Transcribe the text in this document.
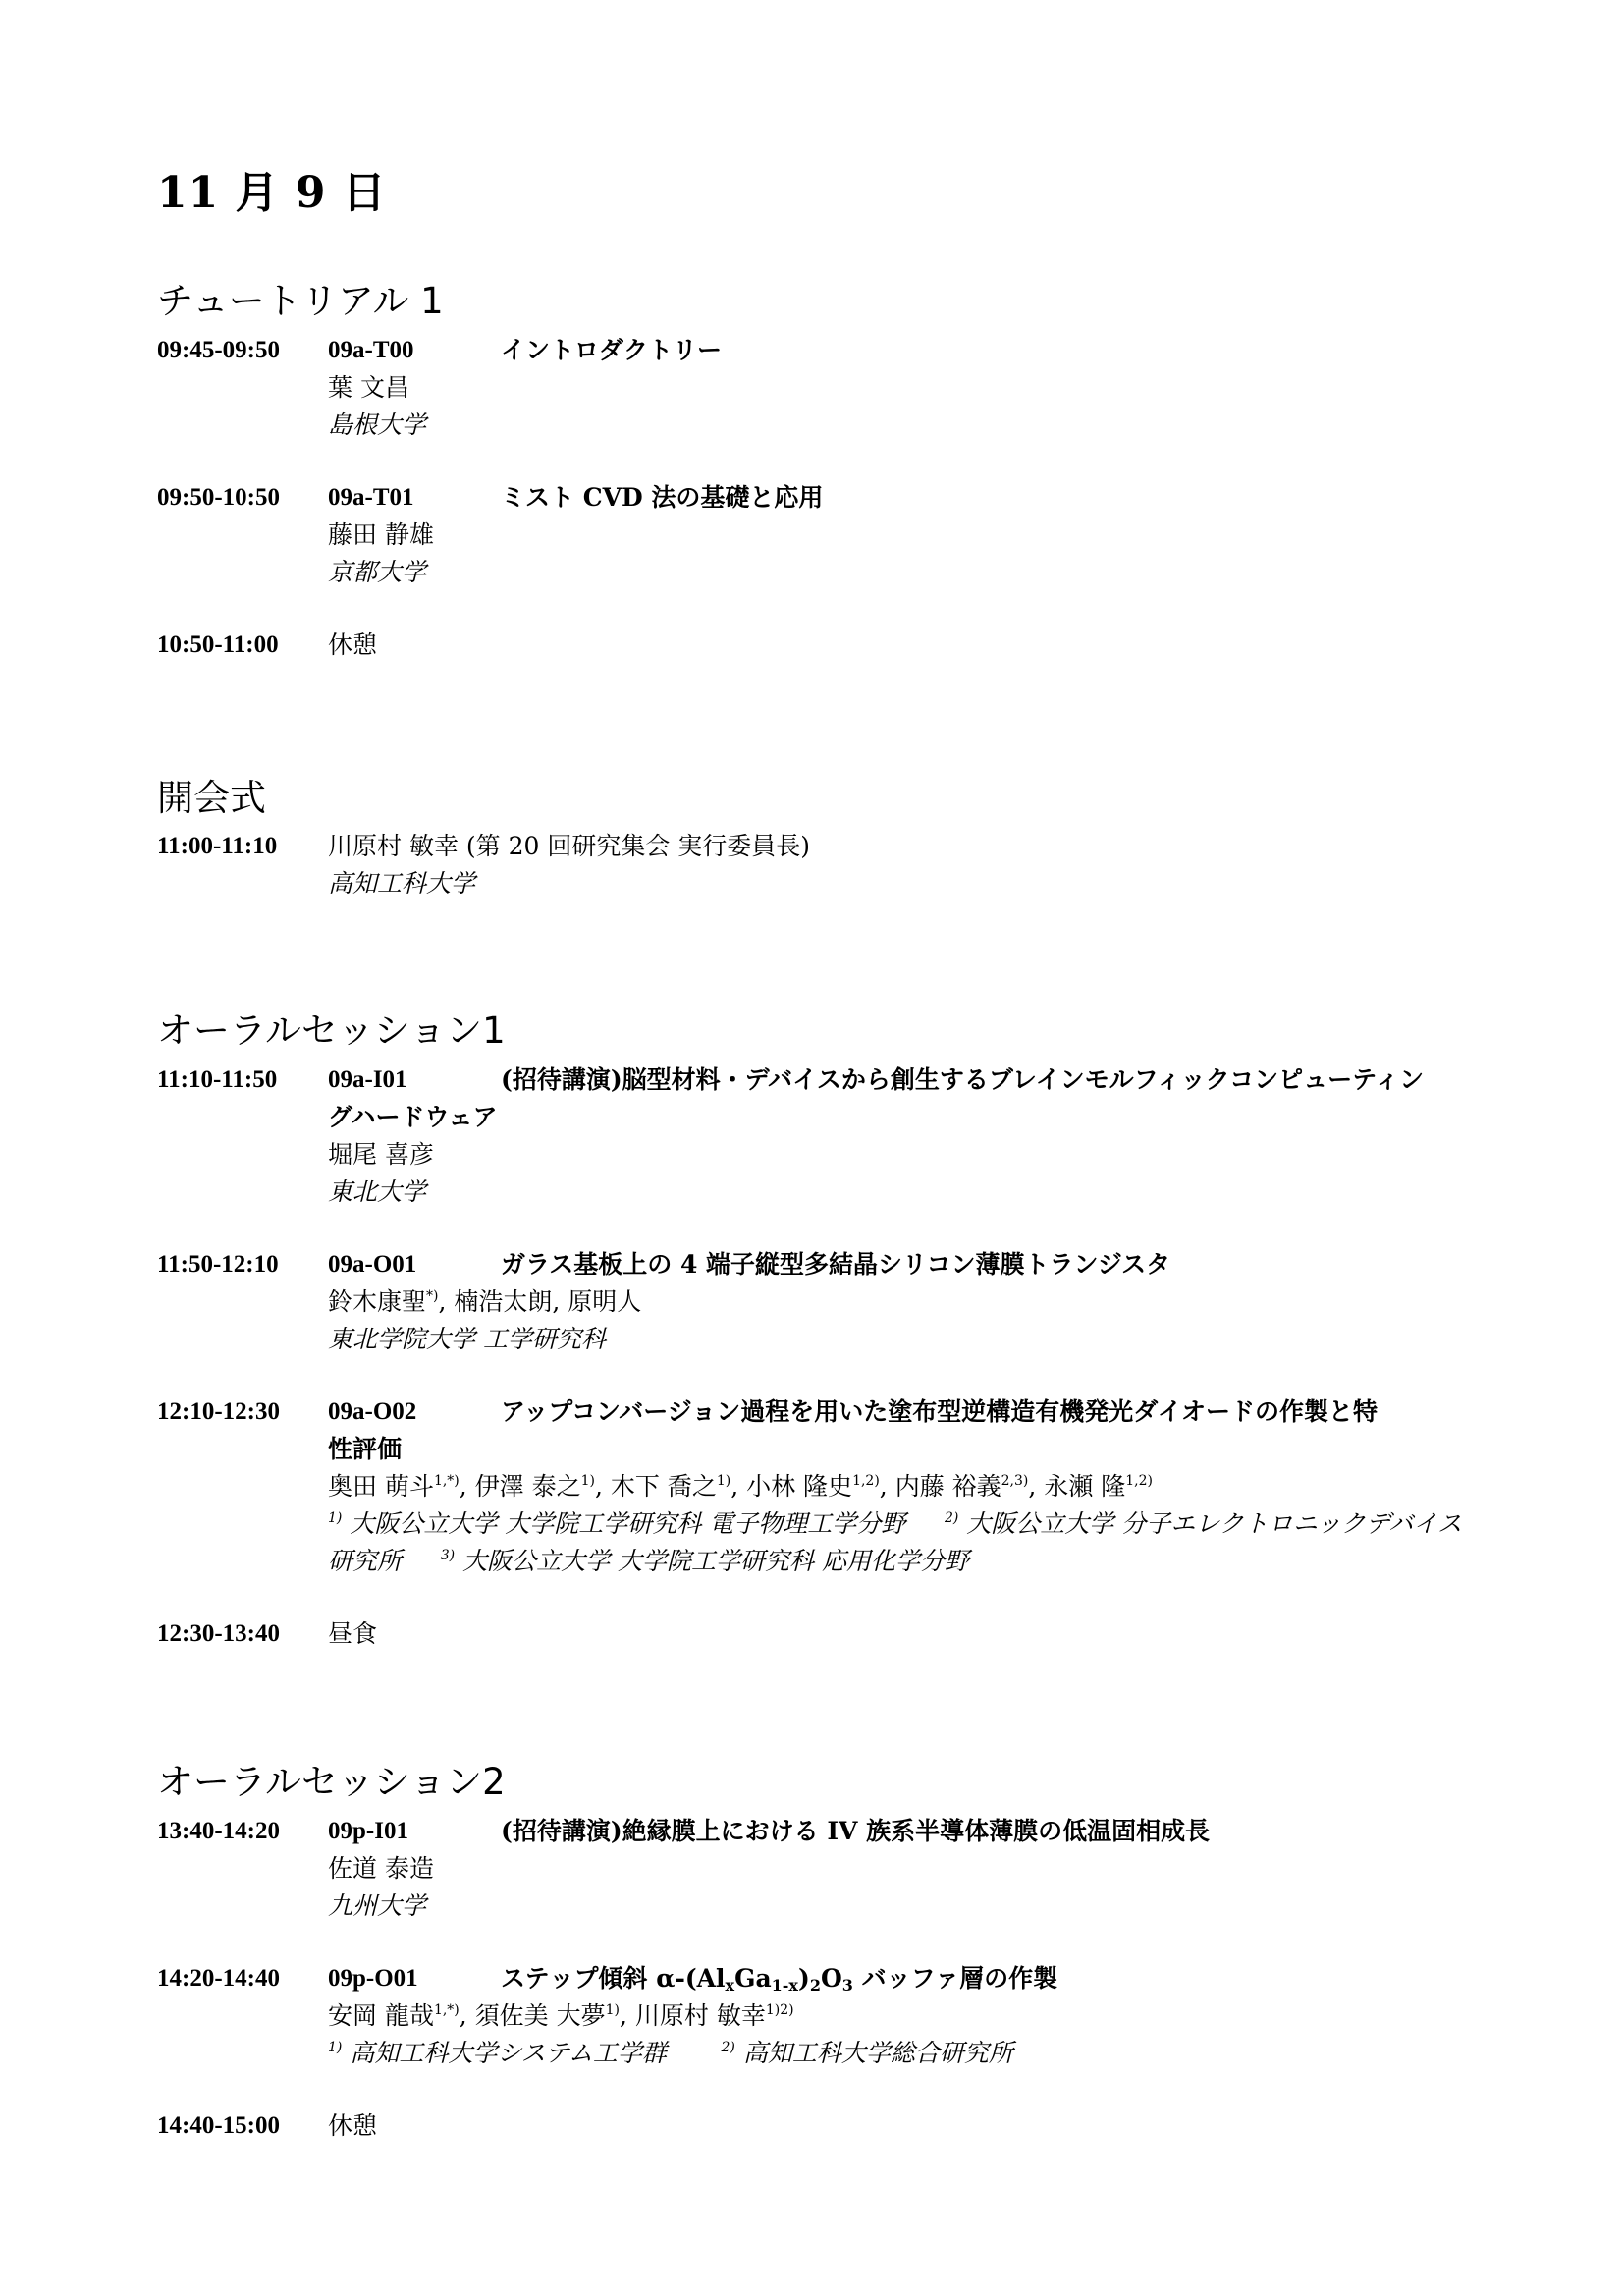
11 月 9 日
チュートリアル 1
09:45-09:50	09a-T00	イントロダクトリー
葉 文昌
島根大学
09:50-10:50	09a-T01	ミスト CVD 法の基礎と応用
藤田 静雄
京都大学
10:50-11:00	休憩
開会式
11:00-11:10	川原村 敏幸 (第 20 回研究集会 実行委員長)
高知工科大学
オーラルセッション1
11:10-11:50	09a-I01	(招待講演)脳型材料・デバイスから創生するブレインモルフィックコンピューティン
グハードウェア
堀尾 喜彦
東北大学
11:50-12:10	09a-O01	ガラス基板上の 4 端子縦型多結晶シリコン薄膜トランジスタ
鈴木康聖*), 楠浩太朗, 原明人
東北学院大学 工学研究科
12:10-12:30	09a-O02	アップコンバージョン過程を用いた塗布型逆構造有機発光ダイオードの作製と特
性評価
奥田 萌斗$^{1,*)}$, 伊澤 泰之$^{1)}$, 木下 喬之$^{1)}$, 小林 隆史$^{1,2)}$, 内藤 裕義$^{2,3)}$, 永瀬 隆$^{1,2)}$
$^{1)}$ 大阪公立大学 大学院工学研究科 電子物理工学分野	$^{2)}$ 大阪公立大学 分子エレクトロニックデバイス研究所	$^{3)}$ 大阪公立大学 大学院工学研究科 応用化学分野
12:30-13:40	昼食
オーラルセッション2
13:40-14:20	09p-I01	(招待講演)絶縁膜上における IV 族系半導体薄膜の低温固相成長
佐道 泰造
九州大学
14:20-14:40	09p-O01	ステップ傾斜 $\alpha-(Al_xGa_{1-x})_2O_3$ バッファ層の作製
安岡 龍哉$^{1,*)}$, 須佐美 大夢$^{1)}$, 川原村 敏幸$^{1)2)}$
$^{1)}$ 高知工科大学システム工学群	$^{2)}$ 高知工科大学総合研究所
14:40-15:00	休憩
